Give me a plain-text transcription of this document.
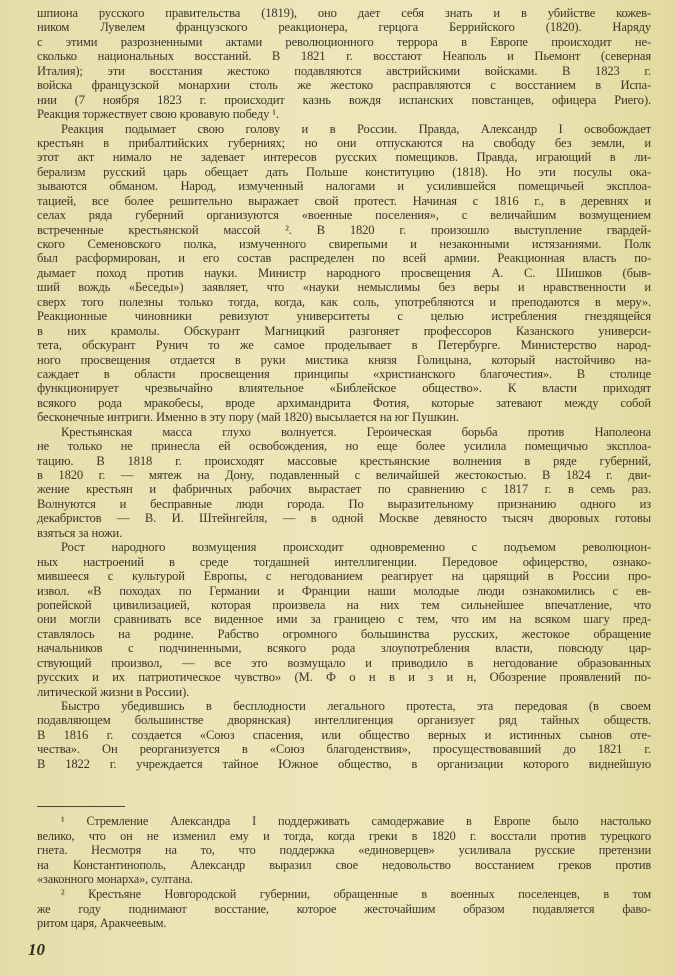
шпиона русского правительства (1819), оно дает себя знать и в убийстве кожев-
ником Лувелем французского реакционера, герцога Беррийского (1820). Наряду
с этими разрозненными актами революционного террора в Европе происходит не-
сколько национальных восстаний. В 1821 г. восстают Неаполь и Пьемонт (северная
Италия); эти восстания жестоко подавляются австрийскими войсками. В 1823 г.
войска французской монархии столь же жестоко расправляются с восстанием в Испа-
нии (7 ноября 1823 г. происходит казнь вождя испанских повстанцев, офицера Риего).
Реакция торжествует свою кровавую победу ¹.
Реакция подымает свою голову и в России. Правда, Александр I освобождает
крестьян в прибалтийских губерниях; но они отпускаются на свободу без земли, и
этот акт нимало не задевает интересов русских помещиков. Правда, играющий в ли-
берализм русский царь обещает дать Польше конституцию (1818). Но эти посулы ока-
зываются обманом. Народ, измученный налогами и усилившейся помещичьей эксплоа-
тацией, все более решительно выражает свой протест. Начиная с 1816 г., в деревнях и
селах ряда губерний организуются «военные поселения», с величайшим возмущением
встреченные крестьянской массой ². В 1820 г. произошло выступление гвардей-
ского Семеновского полка, измученного свирепыми и незаконными истязаниями. Полк
был расформирован, и его состав распределен по всей армии. Реакционная власть по-
дымает поход против науки. Министр народного просвещения А. С. Шишков (быв-
ший вождь «Беседы») заявляет, что «науки немыслимы без веры и нравственности и
сверх того полезны только тогда, когда, как соль, употребляются и преподаются в меру».
Реакционные чиновники ревизуют университеты с целью истребления гнездящейся
в них крамолы. Обскурант Магницкий разгоняет профессоров Казанского универси-
тета, обскурант Рунич то же самое проделывает в Петербурге. Министерство народ-
ного просвещения отдается в руки мистика князя Голицына, который настойчиво на-
саждает в области просвещения принципы «христианского благочестия». В столице
функционирует чрезвычайно влиятельное «Библейское общество». К власти приходят
всякого рода мракобесы, вроде архимандрита Фотия, которые затевают между собой
бесконечные интриги. Именно в эту пору (май 1820) высылается на юг Пушкин.
Крестьянская масса глухо волнуется. Героическая борьба против Наполеона
не только не принесла ей освобождения, но еще более усилила помещичью эксплоа-
тацию. В 1818 г. происходят массовые крестьянские волнения в ряде губерний,
в 1820 г. — мятеж на Дону, подавленный с величайшей жестокостью. В 1824 г. дви-
жение крестьян и фабричных рабочих вырастает по сравнению с 1817 г. в семь раз.
Волнуются и бесправные люди города. По выразительному признанию одного из
декабристов — В. И. Штейнгейля, — в одной Москве девяносто тысяч дворовых готовы
взяться за ножи.
Рост народного возмущения происходит одновременно с подъемом революцион-
ных настроений в среде тогдашней интеллигенции. Передовое офицерство, ознако-
мившееся с культурой Европы, с негодованием реагирует на царящий в России про-
извол. «В походах по Германии и Франции наши молодые люди ознакомились с ев-
ропейской цивилизацией, которая произвела на них тем сильнейшее впечатление, что
они могли сравнивать все виденное ими за границею с тем, что им на всяком шагу пред-
ставлялось на родине. Рабство огромного большинства русских, жестокое обращение
начальников с подчиненными, всякого рода злоупотребления власти, повсюду цар-
ствующий произвол, — все это возмущало и приводило в негодование образованных
русских и их патриотическое чувство» (М. Ф о н в и з и н, Обозрение проявлений по-
литической жизни в России).
Быстро убедившись в бесплодности легального протеста, эта передовая (в своем
подавляющем большинстве дворянская) интеллигенция организует ряд тайных обществ.
В 1816 г. создается «Союз спасения, или общество верных и истинных сынов оте-
чества». Он реорганизуется в «Союз благоденствия», просуществовавший до 1821 г.
В 1822 г. учреждается тайное Южное общество, в организации которого виднейшую
¹ Стремление Александра I поддерживать самодержавие в Европе было настолько
велико, что он не изменил ему и тогда, когда греки в 1820 г. восстали против турецкого
гнета. Несмотря на то, что поддержка «единоверцев» усиливала русские претензии
на Константинополь, Александр выразил свое недовольство восстанием греков против
«законного монарха», султана.
² Крестьяне Новгородской губернии, обращенные в военных поселенцев, в том
же году поднимают восстание, которое жесточайшим образом подавляется фаво-
ритом царя, Аракчеевым.
10
